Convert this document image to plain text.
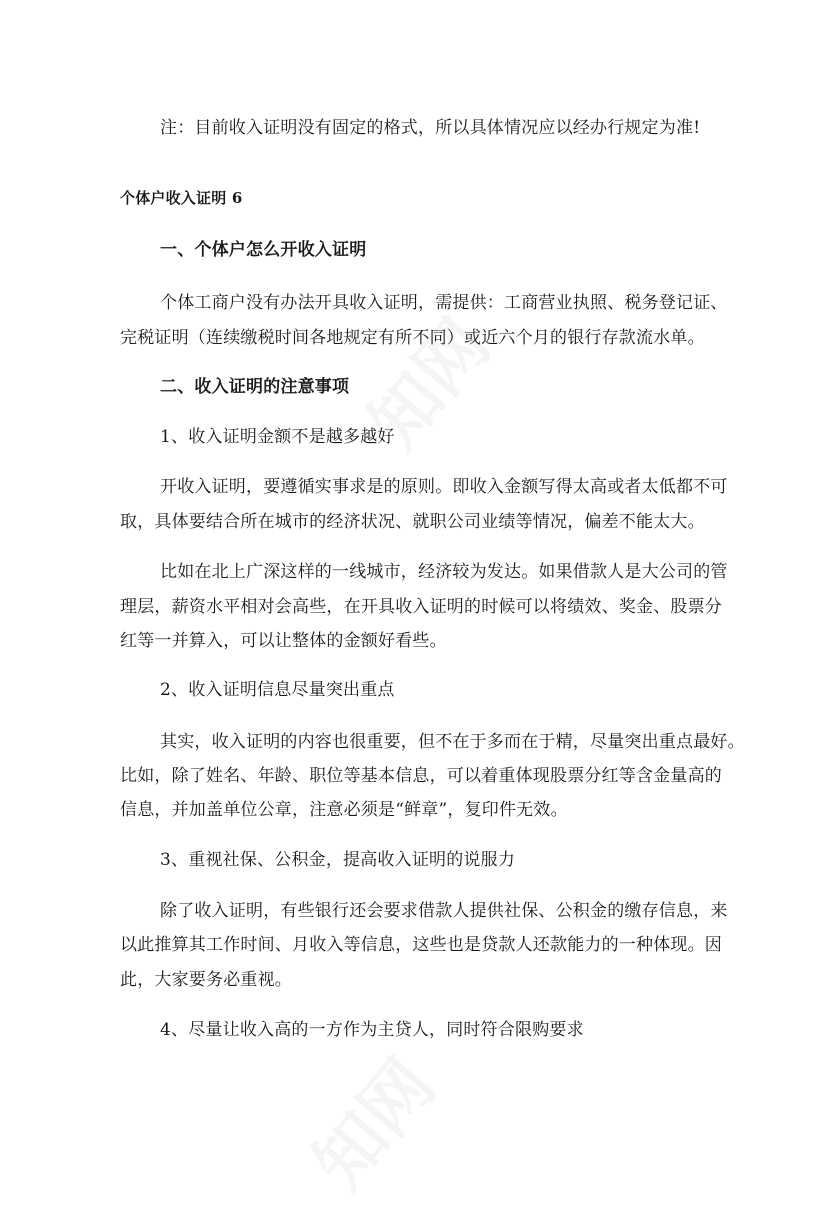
知网
知网
注：目前收入证明没有固定的格式，所以具体情况应以经办行规定为准!
个体户收入证明 6
一、个体户怎么开收入证明
个体工商户没有办法开具收入证明，需提供：工商营业执照、税务登记证、
完税证明（连续缴税时间各地规定有所不同）或近六个月的银行存款流水单。
二、收入证明的注意事项
1、收入证明金额不是越多越好
开收入证明，要遵循实事求是的原则。即收入金额写得太高或者太低都不可
取，具体要结合所在城市的经济状况、就职公司业绩等情况，偏差不能太大。
比如在北上广深这样的一线城市，经济较为发达。如果借款人是大公司的管
理层，薪资水平相对会高些，在开具收入证明的时候可以将绩效、奖金、股票分
红等一并算入，可以让整体的金额好看些。
2、收入证明信息尽量突出重点
其实，收入证明的内容也很重要，但不在于多而在于精，尽量突出重点最好。
比如，除了姓名、年龄、职位等基本信息，可以着重体现股票分红等含金量高的
信息，并加盖单位公章，注意必须是“鲜章”，复印件无效。
3、重视社保、公积金，提高收入证明的说服力
除了收入证明，有些银行还会要求借款人提供社保、公积金的缴存信息，来
以此推算其工作时间、月收入等信息，这些也是贷款人还款能力的一种体现。因
此，大家要务必重视。
4、尽量让收入高的一方作为主贷人，同时符合限购要求
